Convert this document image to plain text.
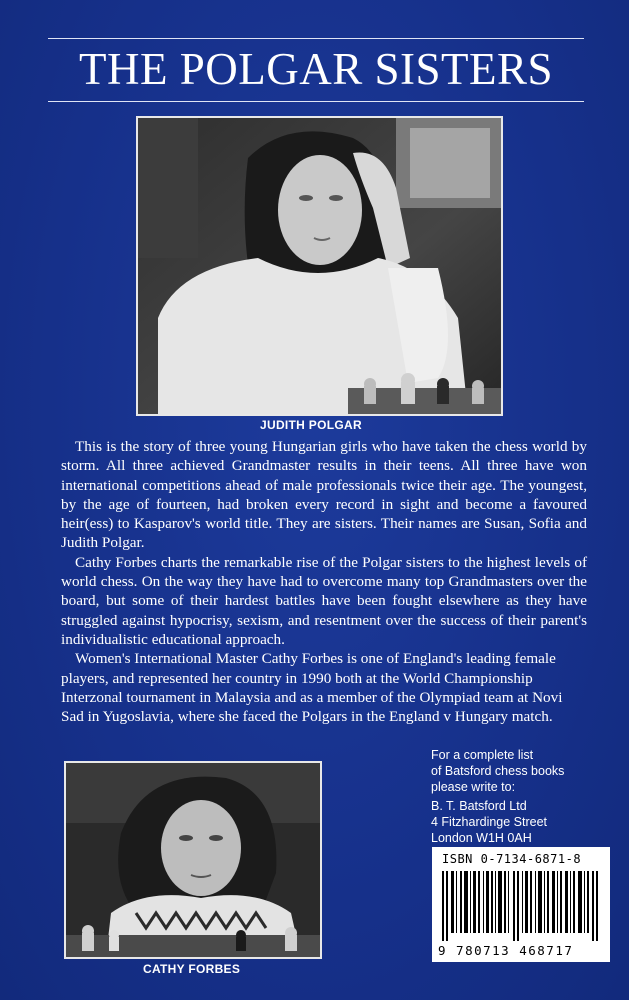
THE POLGAR SISTERS
JUDITH POLGAR

This is the story of three young Hungarian girls who have taken the chess world by storm. All three achieved Grandmaster results in their teens. All three have won international competitions ahead of male professionals twice their age. The youngest, by the age of fourteen, had broken every record in sight and become a favoured heir(ess) to Kasparov's world title. They are sisters. Their names are Susan, Sofia and Judith Polgar.

Cathy Forbes charts the remarkable rise of the Polgar sisters to the highest levels of world chess. On the way they have had to overcome many top Grandmasters over the board, but some of their hardest battles have been fought elsewhere as they have struggled against hypocrisy, sexism, and resentment over the success of their parent's individualistic educational approach.

Women's International Master Cathy Forbes is one of England's leading female players, and represented her country in 1990 both at the World Championship Interzonal tournament in Malaysia and as a member of the Olympiad team at Novi Sad in Yugoslavia, where she faced the Polgars in the England v Hungary match.

For a complete list
of Batsford chess books
please write to:
B. T. Batsford Ltd
4 Fitzhardinge Street
London W1H 0AH
CATHY FORBES
ISBN 0-7134-6871-8
9 780713 468717
